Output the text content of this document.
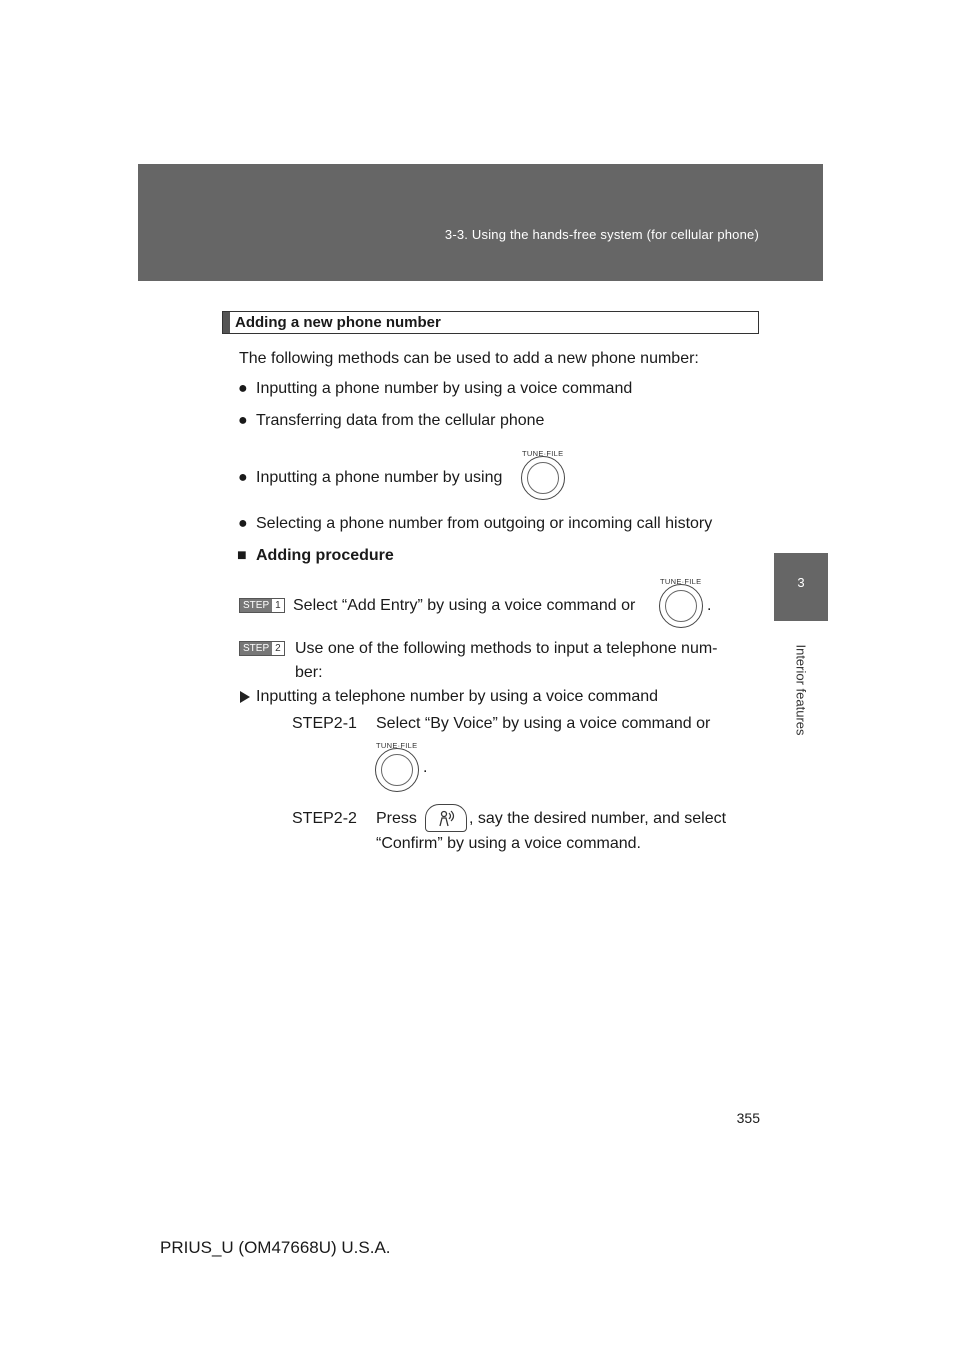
3-3. Using the hands-free system (for cellular phone)
3
Interior features
Adding a new phone number
The following methods can be used to add a new phone number:
● Inputting a phone number by using a voice command
● Transferring data from the cellular phone
● Inputting a phone number by using
TUNE·FILE
● Selecting a phone number from outgoing or incoming call history
■ Adding procedure
STEP 1 Select “Add Entry” by using a voice command or
TUNE·FILE
.
STEP 2 Use one of the following methods to input a telephone num-
ber:
Inputting a telephone number by using a voice command
STEP2-1 Select “By Voice” by using a voice command or
TUNE·FILE
.
STEP2-2 Press	, say the desired number, and select
“Confirm” by using a voice command.
355
PRIUS_U (OM47668U) U.S.A.
